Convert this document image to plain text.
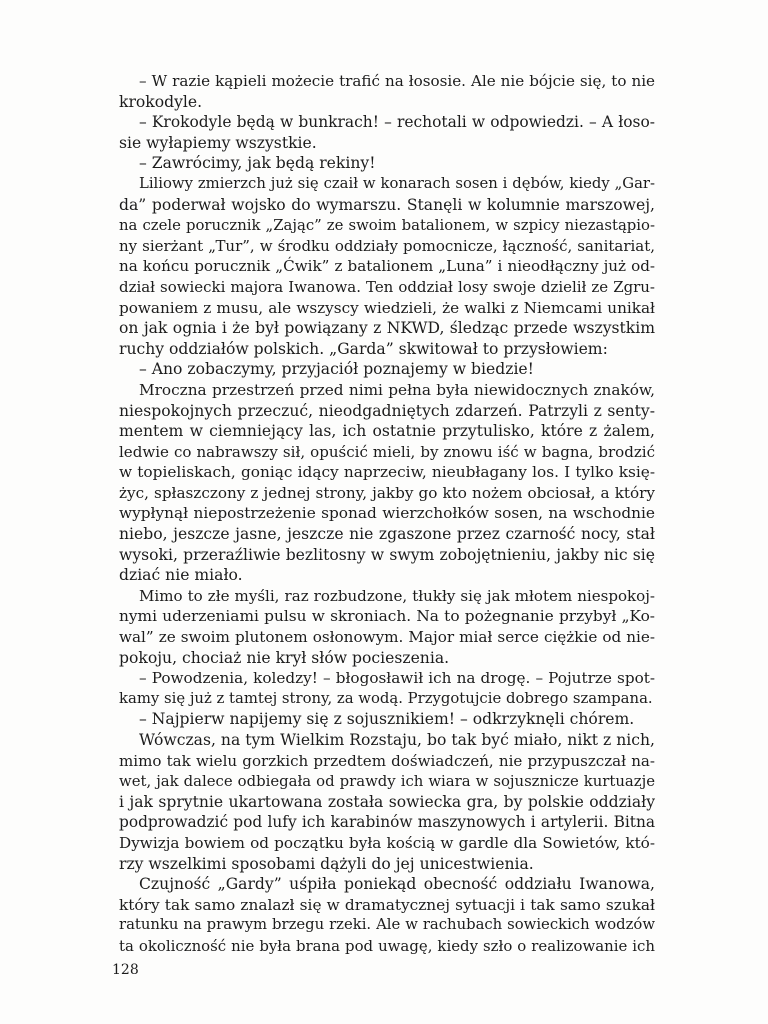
– W razie kąpieli możecie trafić na łososie. Ale nie bójcie się, to nie
krokodyle.
– Krokodyle będą w bunkrach! – rechotali w odpowiedzi. – A łoso-
sie wyłapiemy wszystkie.
– Zawrócimy, jak będą rekiny!
Liliowy zmierzch już się czaił w konarach sosen i dębów, kiedy „Gar-
da” poderwał wojsko do wymarszu. Stanęli w kolumnie marszowej,
na czele porucznik „Zając” ze swoim batalionem, w szpicy niezastąpio-
ny sierżant „Tur”, w środku oddziały pomocnicze, łączność, sanitariat,
na końcu porucznik „Ćwik” z batalionem „Luna” i nieodłączny już od-
dział sowiecki majora Iwanowa. Ten oddział losy swoje dzielił ze Zgru-
powaniem z musu, ale wszyscy wiedzieli, że walki z Niemcami unikał
on jak ognia i że był powiązany z NKWD, śledząc przede wszystkim
ruchy oddziałów polskich. „Garda” skwitował to przysłowiem:
– Ano zobaczymy, przyjaciół poznajemy w biedzie!
Mroczna przestrzeń przed nimi pełna była niewidocznych znaków,
niespokojnych przeczuć, nieodgadniętych zdarzeń. Patrzyli z senty-
mentem w ciemniejący las, ich ostatnie przytulisko, które z żalem,
ledwie co nabrawszy sił, opuścić mieli, by znowu iść w bagna, brodzić
w topieliskach, goniąc idący naprzeciw, nieubłagany los. I tylko księ-
życ, spłaszczony z jednej strony, jakby go kto nożem obciosał, a który
wypłynął niepostrzeżenie sponad wierzchołków sosen, na wschodnie
niebo, jeszcze jasne, jeszcze nie zgaszone przez czarność nocy, stał
wysoki, przeraźliwie bezlitosny w swym zobojętnieniu, jakby nic się
dziać nie miało.
Mimo to złe myśli, raz rozbudzone, tłukły się jak młotem niespokoj-
nymi uderzeniami pulsu w skroniach. Na to pożegnanie przybył „Ko-
wal” ze swoim plutonem osłonowym. Major miał serce ciężkie od nie-
pokoju, chociaż nie krył słów pocieszenia.
– Powodzenia, koledzy! – błogosławił ich na drogę. – Pojutrze spot-
kamy się już z tamtej strony, za wodą. Przygotujcie dobrego szampana.
– Najpierw napijemy się z sojusznikiem! – odkrzyknęli chórem.
Wówczas, na tym Wielkim Rozstaju, bo tak być miało, nikt z nich,
mimo tak wielu gorzkich przedtem doświadczeń, nie przypuszczał na-
wet, jak dalece odbiegała od prawdy ich wiara w sojusznicze kurtuazje
i jak sprytnie ukartowana została sowiecka gra, by polskie oddziały
podprowadzić pod lufy ich karabinów maszynowych i artylerii. Bitna
Dywizja bowiem od początku była kością w gardle dla Sowietów, któ-
rzy wszelkimi sposobami dążyli do jej unicestwienia.
Czujność „Gardy” uśpiła poniekąd obecność oddziału Iwanowa,
który tak samo znalazł się w dramatycznej sytuacji i tak samo szukał
ratunku na prawym brzegu rzeki. Ale w rachubach sowieckich wodzów
ta okoliczność nie była brana pod uwagę, kiedy szło o realizowanie ich
128
